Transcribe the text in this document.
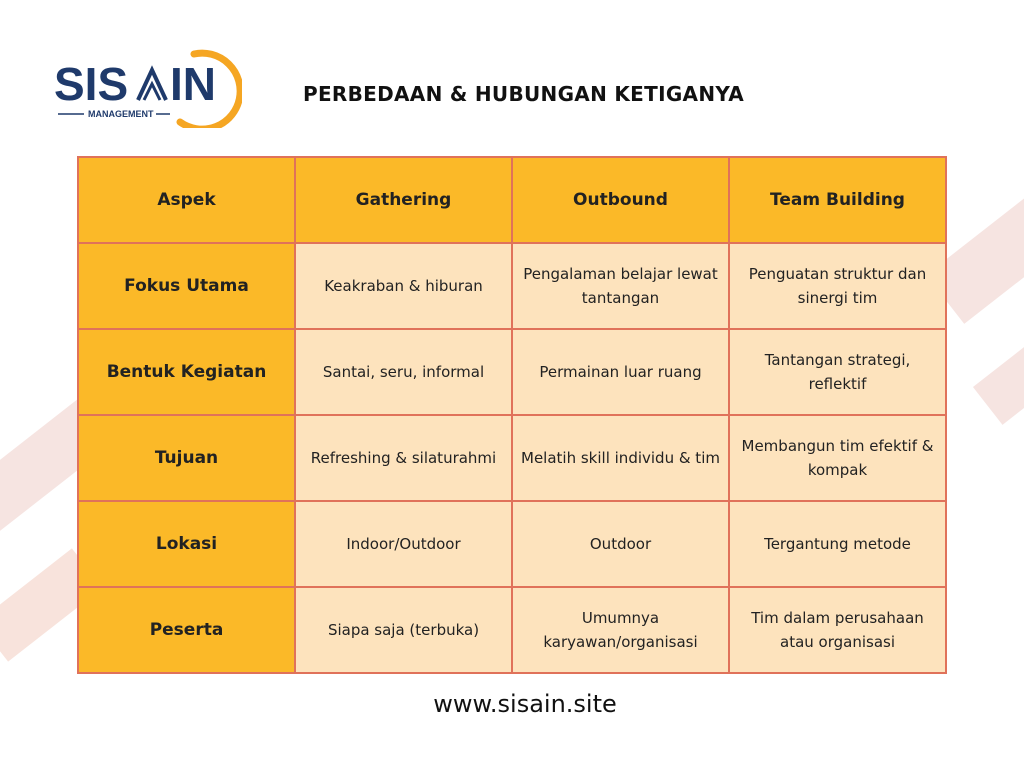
SIS IN
MANAGEMENT
PERBEDAAN & HUBUNGAN KETIGANYA
Aspek	Gathering	Outbound	Team Building
Fokus Utama	Keakraban & hiburan	Pengalaman belajar lewat tantangan	Penguatan struktur dan sinergi tim
Bentuk Kegiatan	Santai, seru, informal	Permainan luar ruang	Tantangan strategi, reflektif
Tujuan	Refreshing & silaturahmi	Melatih skill individu & tim	Membangun tim efektif & kompak
Lokasi	Indoor/Outdoor	Outdoor	Tergantung metode
Peserta	Siapa saja (terbuka)	Umumnya karyawan/organisasi	Tim dalam perusahaan atau organisasi
www.sisain.site
